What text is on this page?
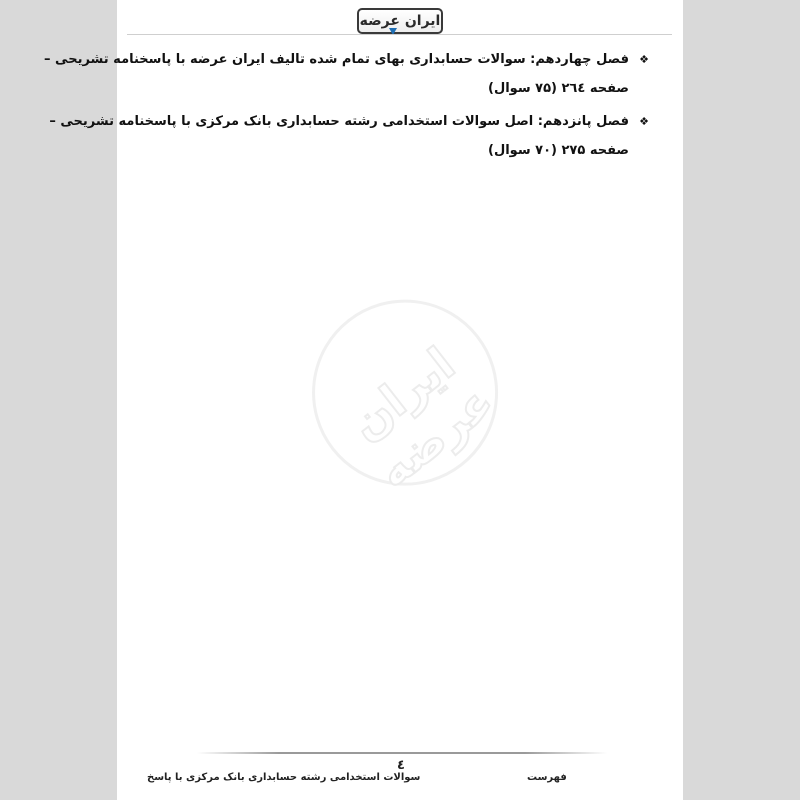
ایران عرضه
❖فصل چهاردهم: سوالات حسابداری بهای تمام شده تالیف ایران عرضه با پاسخنامه تشریحی –
صفحه ۲٦٤ (۷۵ سوال)
❖فصل پانزدهم: اصل سوالات استخدامی رشته حسابداری بانک مرکزی با پاسخنامه تشریحی –
صفحه ۲۷۵ (۷۰ سوال)
ایران عرضه
٤
سوالات استخدامی رشته حسابداری بانک مرکزی با پاسخ	فهرست
